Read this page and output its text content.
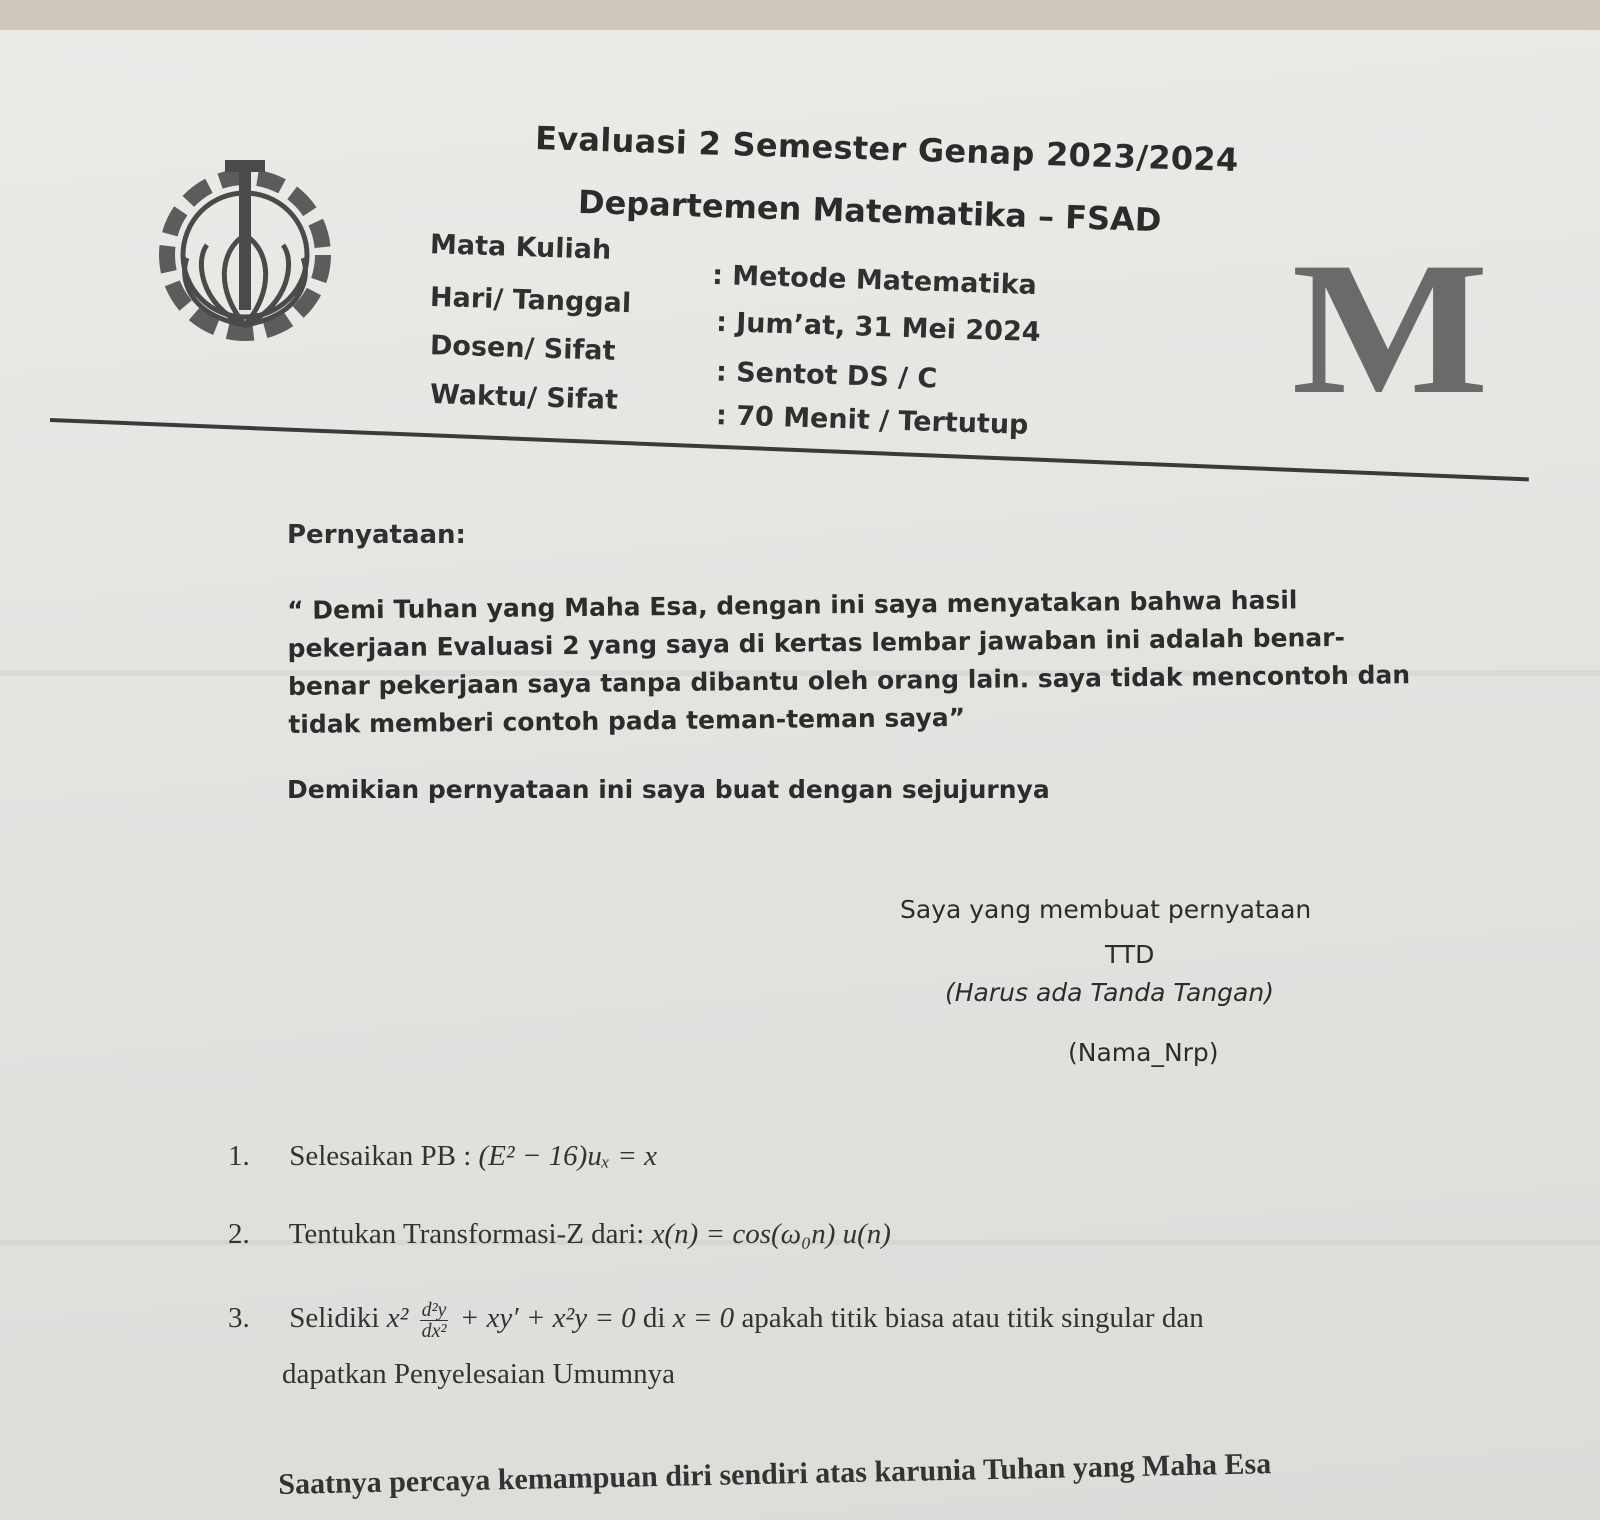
Evaluasi 2 Semester Genap 2023/2024
Departemen Matematika – FSAD
Mata Kuliah
: Metode Matematika
Hari/ Tanggal
: Jum’at, 31 Mei 2024
Dosen/ Sifat
: Sentot DS / C
Waktu/ Sifat
: 70 Menit / Tertutup M
Pernyataan:
“ Demi Tuhan yang Maha Esa, dengan ini saya menyatakan bahwa hasil
pekerjaan Evaluasi 2 yang saya di kertas lembar jawaban ini adalah benar-
benar pekerjaan saya tanpa dibantu oleh orang lain. saya tidak mencontoh dan
tidak memberi contoh pada teman-teman saya”
Demikian pernyataan ini saya buat dengan sejujurnya
Saya yang membuat pernyataan
TTD
(Harus ada Tanda Tangan)
(Nama_Nrp)
1. Selesaikan PB : (E² − 16)uₓ = x
2. Tentukan Transformasi-Z dari: x(n) = cos(ω₀n) u(n)
3. Selidiki $x^2 \frac{\text{d²y}}{\text{dx²}} + xy' + x^2y = 0$ di x = 0 apakah titik biasa atau titik singular dan
dapatkan Penyelesaian Umumnya
Saatnya percaya kemampuan diri sendiri atas karunia Tuhan yang Maha Esa
